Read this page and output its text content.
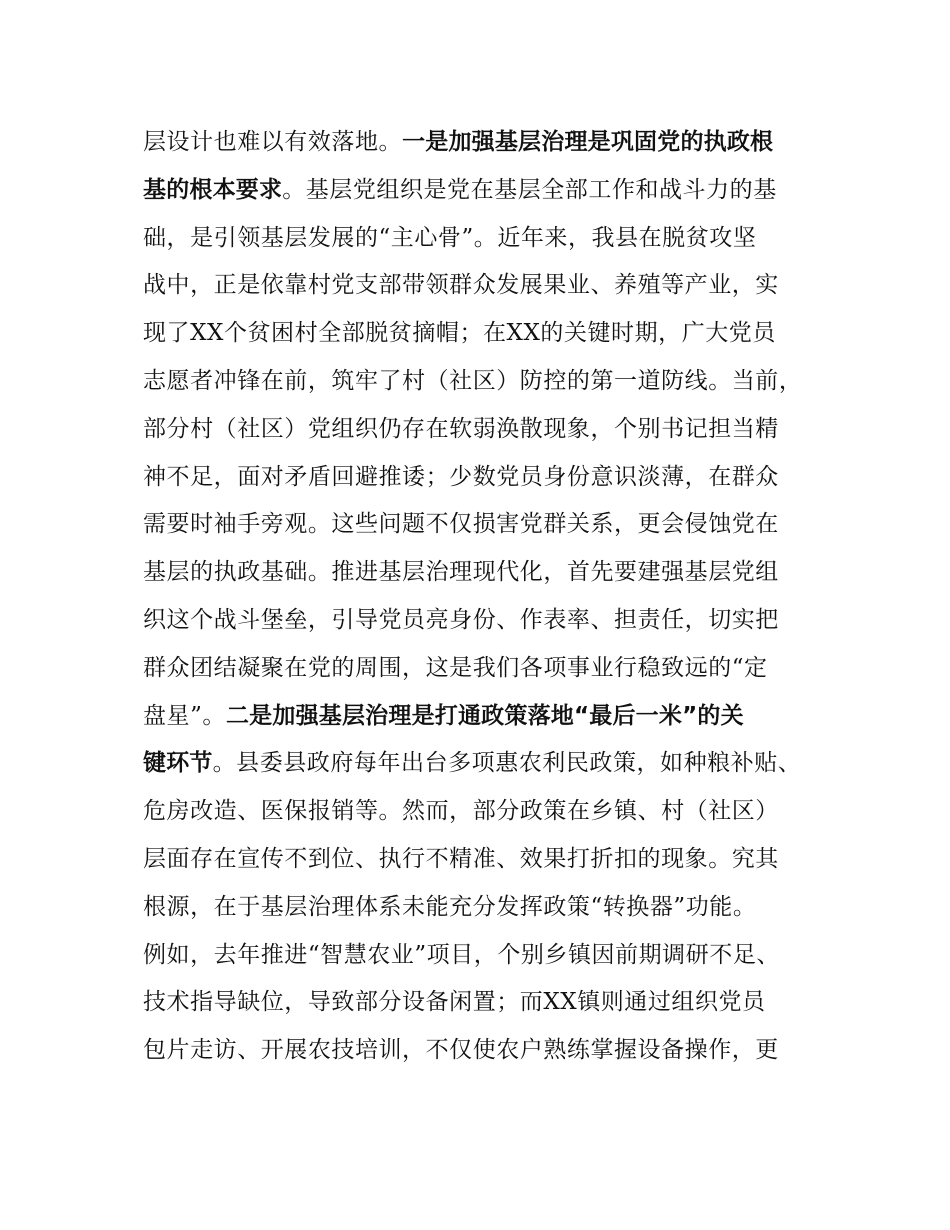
层设计也难以有效落地。一是加强基层治理是巩固党的执政根
基的根本要求。基层党组织是党在基层全部工作和战斗力的基
础，是引领基层发展的“主心骨”。近年来，我县在脱贫攻坚
战中，正是依靠村党支部带领群众发展果业、养殖等产业，实
现了XX个贫困村全部脱贫摘帽；在XX的关键时期，广大党员
志愿者冲锋在前，筑牢了村（社区）防控的第一道防线。当前，
部分村（社区）党组织仍存在软弱涣散现象，个别书记担当精
神不足，面对矛盾回避推诿；少数党员身份意识淡薄，在群众
需要时袖手旁观。这些问题不仅损害党群关系，更会侵蚀党在
基层的执政基础。推进基层治理现代化，首先要建强基层党组
织这个战斗堡垒，引导党员亮身份、作表率、担责任，切实把
群众团结凝聚在党的周围，这是我们各项事业行稳致远的“定
盘星”。二是加强基层治理是打通政策落地“最后一米”的关
键环节。县委县政府每年出台多项惠农利民政策，如种粮补贴、
危房改造、医保报销等。然而，部分政策在乡镇、村（社区）
层面存在宣传不到位、执行不精准、效果打折扣的现象。究其
根源，在于基层治理体系未能充分发挥政策“转换器”功能。
例如，去年推进“智慧农业”项目，个别乡镇因前期调研不足、
技术指导缺位，导致部分设备闲置；而XX镇则通过组织党员
包片走访、开展农技培训，不仅使农户熟练掌握设备操作，更
